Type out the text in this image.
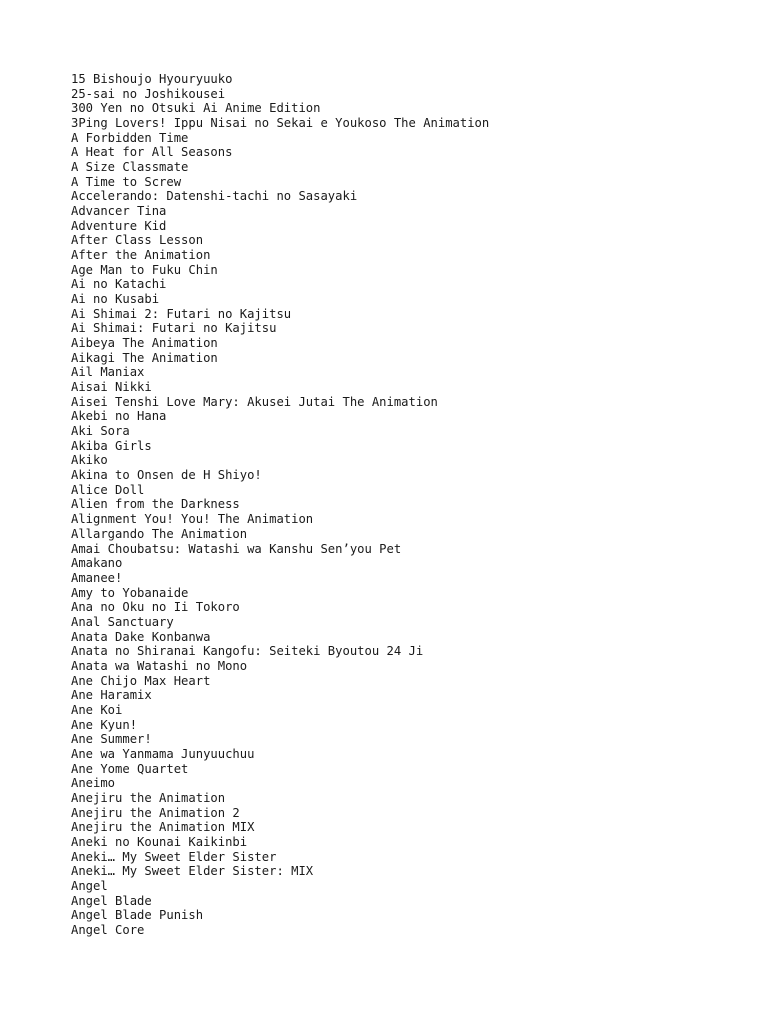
15 Bishoujo Hyouryuuko
25-sai no Joshikousei
300 Yen no Otsuki Ai Anime Edition
3Ping Lovers! Ippu Nisai no Sekai e Youkoso The Animation
A Forbidden Time
A Heat for All Seasons
A Size Classmate
A Time to Screw
Accelerando: Datenshi-tachi no Sasayaki
Advancer Tina
Adventure Kid
After Class Lesson
After the Animation
Age Man to Fuku Chin
Ai no Katachi
Ai no Kusabi
Ai Shimai 2: Futari no Kajitsu
Ai Shimai: Futari no Kajitsu
Aibeya The Animation
Aikagi The Animation
Ail Maniax
Aisai Nikki
Aisei Tenshi Love Mary: Akusei Jutai The Animation
Akebi no Hana
Aki Sora
Akiba Girls
Akiko
Akina to Onsen de H Shiyo!
Alice Doll
Alien from the Darkness
Alignment You! You! The Animation
Allargando The Animation
Amai Choubatsu: Watashi wa Kanshu Sen’you Pet
Amakano
Amanee!
Amy to Yobanaide
Ana no Oku no Ii Tokoro
Anal Sanctuary
Anata Dake Konbanwa
Anata no Shiranai Kangofu: Seiteki Byoutou 24 Ji
Anata wa Watashi no Mono
Ane Chijo Max Heart
Ane Haramix
Ane Koi
Ane Kyun!
Ane Summer!
Ane wa Yanmama Junyuuchuu
Ane Yome Quartet
Aneimo
Anejiru the Animation
Anejiru the Animation 2
Anejiru the Animation MIX
Aneki no Kounai Kaikinbi
Aneki… My Sweet Elder Sister
Aneki… My Sweet Elder Sister: MIX
Angel
Angel Blade
Angel Blade Punish
Angel Core
